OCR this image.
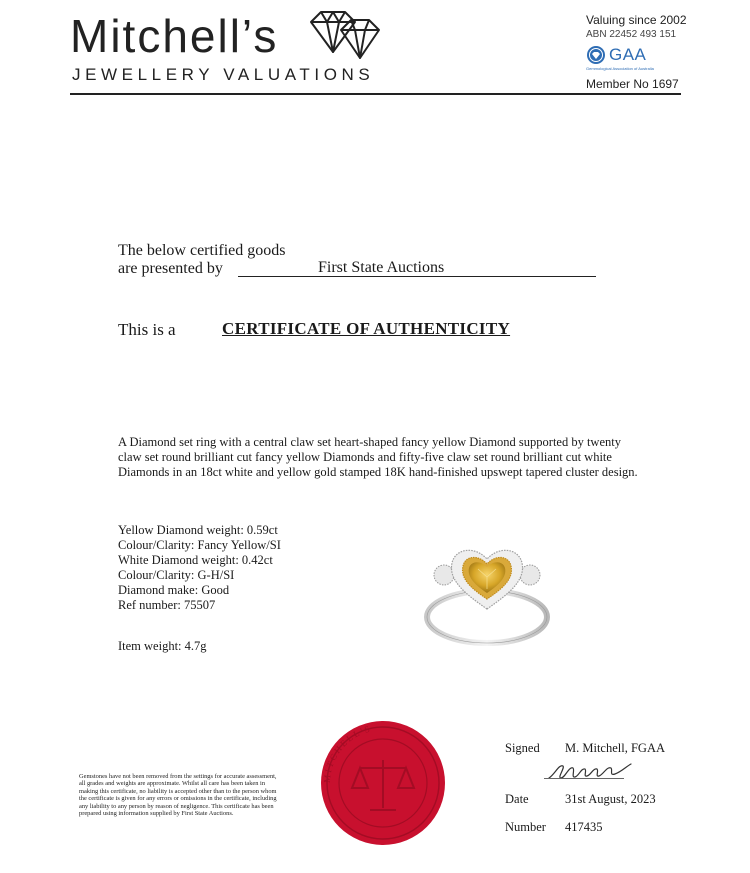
Mitchell’s
JEWELLERY VALUATIONS
Valuing since 2002
ABN 22452 493 151
GAA
Gemmological Association of Australia
Member No 1697
The below certified goods
are presented by	First State Auctions
This is a	CERTIFICATE OF AUTHENTICITY
A Diamond set ring with a central claw set heart-shaped fancy yellow Diamond supported by twenty claw set round brilliant cut fancy yellow Diamonds and fifty-five claw set round brilliant cut white Diamonds in an 18ct white and yellow gold stamped 18K hand-finished upswept tapered cluster design.
Yellow Diamond weight: 0.59ct
Colour/Clarity: Fancy Yellow/SI
White Diamond weight: 0.42ct
Colour/Clarity: G-H/SI
Diamond make: Good
Ref number: 75507
Item weight: 4.7g
MITCHELL'S
Gemstones have not been removed from the settings for accurate assessment, all grades and weights are approximate. Whilst all care has been taken in making this certificate, no liability is accepted other than to the person whom the certificate is given for any errors or omissions in the certificate, including any liability to any person by reason of negligence. This certificate has been prepared using information supplied by First State Auctions.
Signed M. Mitchell, FGAA
Date	31st August, 2023
Number 417435
